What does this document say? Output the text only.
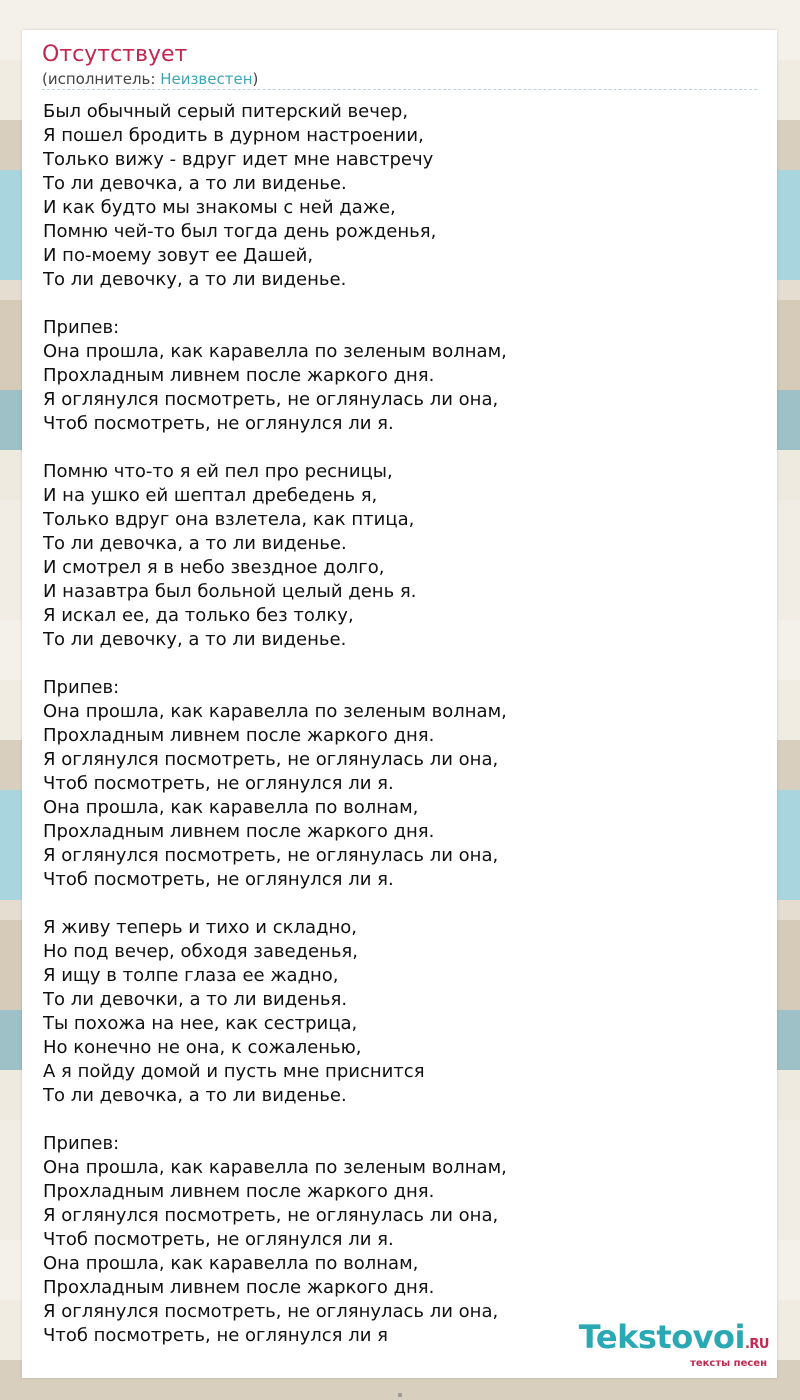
Отсутствует
(исполнитель: Неизвестен)
Был обычный серый питерский вечер,
Я пошел бродить в дурном настроении,
Только вижу - вдруг идет мне навстречу
То ли девочка, а то ли виденье.
И как будто мы знакомы с ней даже,
Помню чей-то был тогда день рожденья,
И по-моему зовут ее Дашей,
То ли девочку, а то ли виденье.
Припев:
Она прошла, как каравелла по зеленым волнам,
Прохладным ливнем после жаркого дня.
Я оглянулся посмотреть, не оглянулась ли она,
Чтоб посмотреть, не оглянулся ли я.
Помню что-то я ей пел про ресницы,
И на ушко ей шептал дребедень я,
Только вдруг она взлетела, как птица,
То ли девочка, а то ли виденье.
И смотрел я в небо звездное долго,
И назавтра был больной целый день я.
Я искал ее, да только без толку,
То ли девочку, а то ли виденье.
Припев:
Она прошла, как каравелла по зеленым волнам,
Прохладным ливнем после жаркого дня.
Я оглянулся посмотреть, не оглянулась ли она,
Чтоб посмотреть, не оглянулся ли я.
Она прошла, как каравелла по волнам,
Прохладным ливнем после жаркого дня.
Я оглянулся посмотреть, не оглянулась ли она,
Чтоб посмотреть, не оглянулся ли я.
Я живу теперь и тихо и складно,
Но под вечер, обходя заведенья,
Я ищу в толпе глаза ее жадно,
То ли девочки, а то ли виденья.
Ты похожа на нее, как сестрица,
Но конечно не она, к сожаленью,
А я пойду домой и пусть мне приснится
То ли девочка, а то ли виденье.
Припев:
Она прошла, как каравелла по зеленым волнам,
Прохладным ливнем после жаркого дня.
Я оглянулся посмотреть, не оглянулась ли она,
Чтоб посмотреть, не оглянулся ли я.
Она прошла, как каравелла по волнам,
Прохладным ливнем после жаркого дня.
Я оглянулся посмотреть, не оглянулась ли она,
Чтоб посмотреть, не оглянулся ли я	Tekstovoi.RU
тексты песен
